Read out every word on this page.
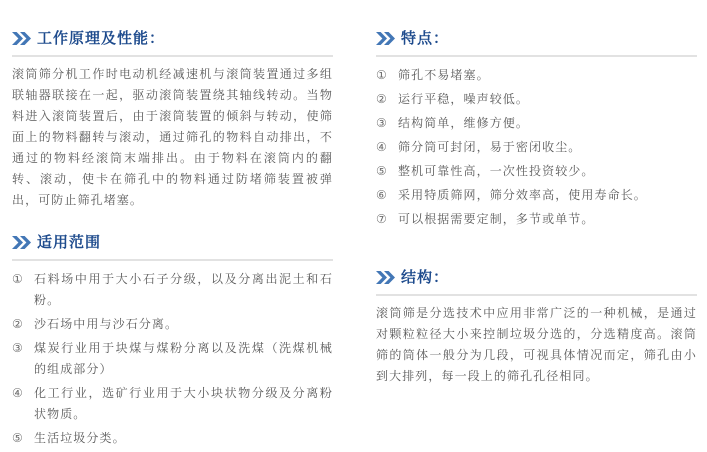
工作原理及性能：

滚筒筛分机工作时电动机经减速机与滚筒装置通过多组联轴器联接在一起，驱动滚筒装置绕其轴线转动。当物料进入滚筒装置后，由于滚筒装置的倾斜与转动，使筛面上的物料翻转与滚动，通过筛孔的物料自动排出，不通过的物料经滚筒末端排出。由于物料在滚筒内的翻转、滚动，使卡在筛孔中的物料通过防堵筛装置被弹出，可防止筛孔堵塞。

适用范围
① 石料场中用于大小石子分级，以及分离出泥土和石粉。
② 沙石场中用与沙石分离。
③ 煤炭行业用于块煤与煤粉分离以及洗煤（洗煤机械的组成部分）
④ 化工行业，选矿行业用于大小块状物分级及分离粉状物质。
⑤ 生活垃圾分类。
特点：
① 筛孔不易堵塞。
② 运行平稳，噪声较低。
③ 结构简单，维修方便。
④ 筛分筒可封闭，易于密闭收尘。
⑤ 整机可靠性高，一次性投资较少。
⑥ 采用特质筛网，筛分效率高，使用寿命长。
⑦ 可以根据需要定制，多节或单节。
结构：

滚筒筛是分选技术中应用非常广泛的一种机械，是通过对颗粒粒径大小来控制垃圾分选的，分选精度高。滚筒筛的筒体一般分为几段，可视具体情况而定，筛孔由小到大排列，每一段上的筛孔孔径相同。
